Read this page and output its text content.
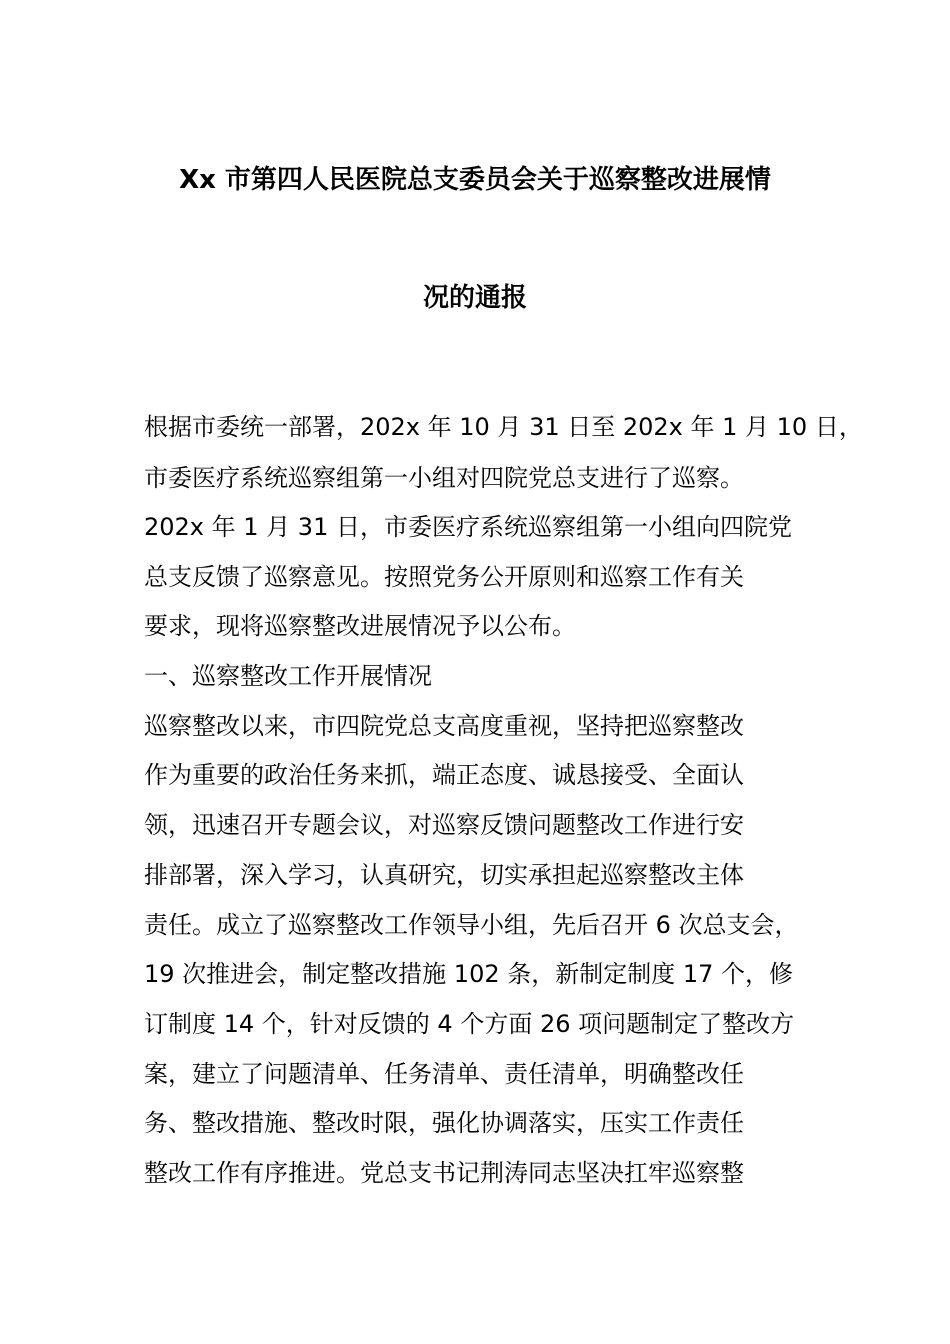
Xx 市第四人民医院总支委员会关于巡察整改进展情
况的通报
根据市委统一部署，202x 年 10 月 31 日至 202x 年 1 月 10 日，
市委医疗系统巡察组第一小组对四院党总支进行了巡察。
202x 年 1 月 31 日，市委医疗系统巡察组第一小组向四院党
总支反馈了巡察意见。按照党务公开原则和巡察工作有关
要求，现将巡察整改进展情况予以公布。
一、巡察整改工作开展情况
巡察整改以来，市四院党总支高度重视，坚持把巡察整改
作为重要的政治任务来抓，端正态度、诚恳接受、全面认
领，迅速召开专题会议，对巡察反馈问题整改工作进行安
排部署，深入学习，认真研究，切实承担起巡察整改主体
责任。成立了巡察整改工作领导小组，先后召开 6 次总支会，
19 次推进会，制定整改措施 102 条，新制定制度 17 个，修
订制度 14 个，针对反馈的 4 个方面 26 项问题制定了整改方
案，建立了问题清单、任务清单、责任清单，明确整改任
务、整改措施、整改时限，强化协调落实，压实工作责任
整改工作有序推进。党总支书记荆涛同志坚决扛牢巡察整
